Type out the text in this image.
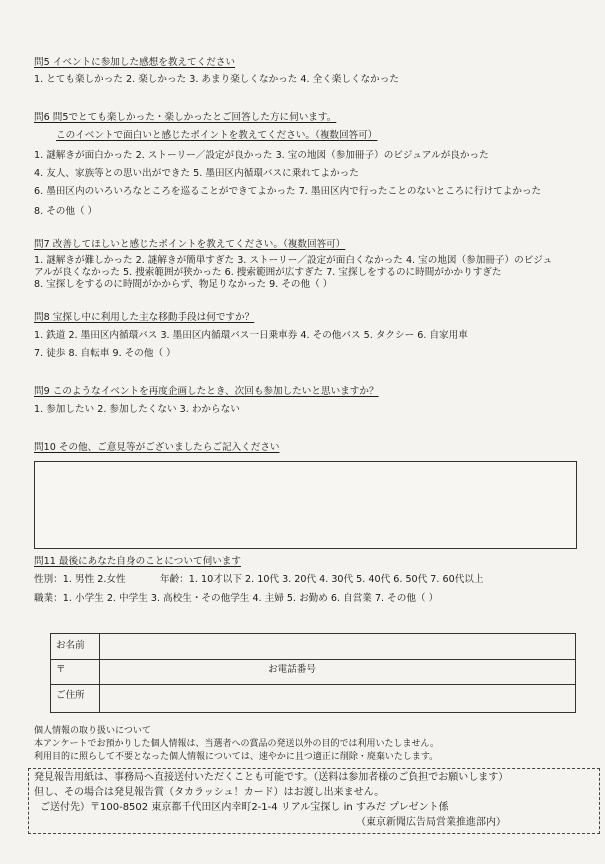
問5 イベントに参加した感想を教えてください
1. とても楽しかった 2. 楽しかった 3. あまり楽しくなかった 4. 全く楽しくなかった
問6 問5でとても楽しかった・楽しかったとご回答した方に伺います。
このイベントで面白いと感じたポイントを教えてください。（複数回答可）
1. 謎解きが面白かった 2. ストーリー／設定が良かった 3. 宝の地図（参加冊子）のビジュアルが良かった
4. 友人、家族等との思い出ができた 5. 墨田区内循環バスに乗れてよかった
6. 墨田区内のいろいろなところを巡ることができてよかった 7. 墨田区内で行ったことのないところに行けてよかった
8. その他（ ）
問7 改善してほしいと感じたポイントを教えてください。（複数回答可）
1. 謎解きが難しかった 2. 謎解きが簡単すぎた 3. ストーリー／設定が面白くなかった 4. 宝の地図（参加冊子）のビジュ
アルが良くなかった 5. 捜索範囲が狭かった 6. 捜索範囲が広すぎた 7. 宝探しをするのに時間がかかりすぎた
8. 宝探しをするのに時間がかからず、物足りなかった 9. その他（ ）
問8 宝探し中に利用した主な移動手段は何ですか？
1. 鉄道 2. 墨田区内循環バス 3. 墨田区内循環バス一日乗車券 4. その他バス 5. タクシー 6. 自家用車
7. 徒歩 8. 自転車 9. その他（ ）
問9 このようなイベントを再度企画したとき、次回も参加したいと思いますか？
1. 参加したい 2. 参加したくない 3. わからない
問10 その他、ご意見等がございましたらご記入ください
問11 最後にあなた自身のことについて伺います
性別：1. 男性 2.女性	年齢：1. 10才以下 2. 10代 3. 20代 4. 30代 5. 40代 6. 50代 7. 60代以上
職業：1. 小学生 2. 中学生 3. 高校生・その他学生 4. 主婦 5. お勤め 6. 自営業 7. その他（ ）
お名前
〒	お電話番号
ご住所
個人情報の取り扱いについて
本アンケートでお預かりした個人情報は、当選者への賞品の発送以外の目的では利用いたしません。
利用目的に照らして不要となった個人情報については、速やかに且つ適正に削除・廃棄いたします。
発見報告用紙は、事務局へ直接送付いただくことも可能です。（送料は参加者様のご負担でお願いします）
但し、その場合は発見報告賞（タカラッシュ！カード）はお渡し出来ません。
ご送付先）〒100-8502 東京都千代田区内幸町2-1-4 リアル宝探し in すみだ プレゼント係
（東京新聞広告局営業推進部内）
